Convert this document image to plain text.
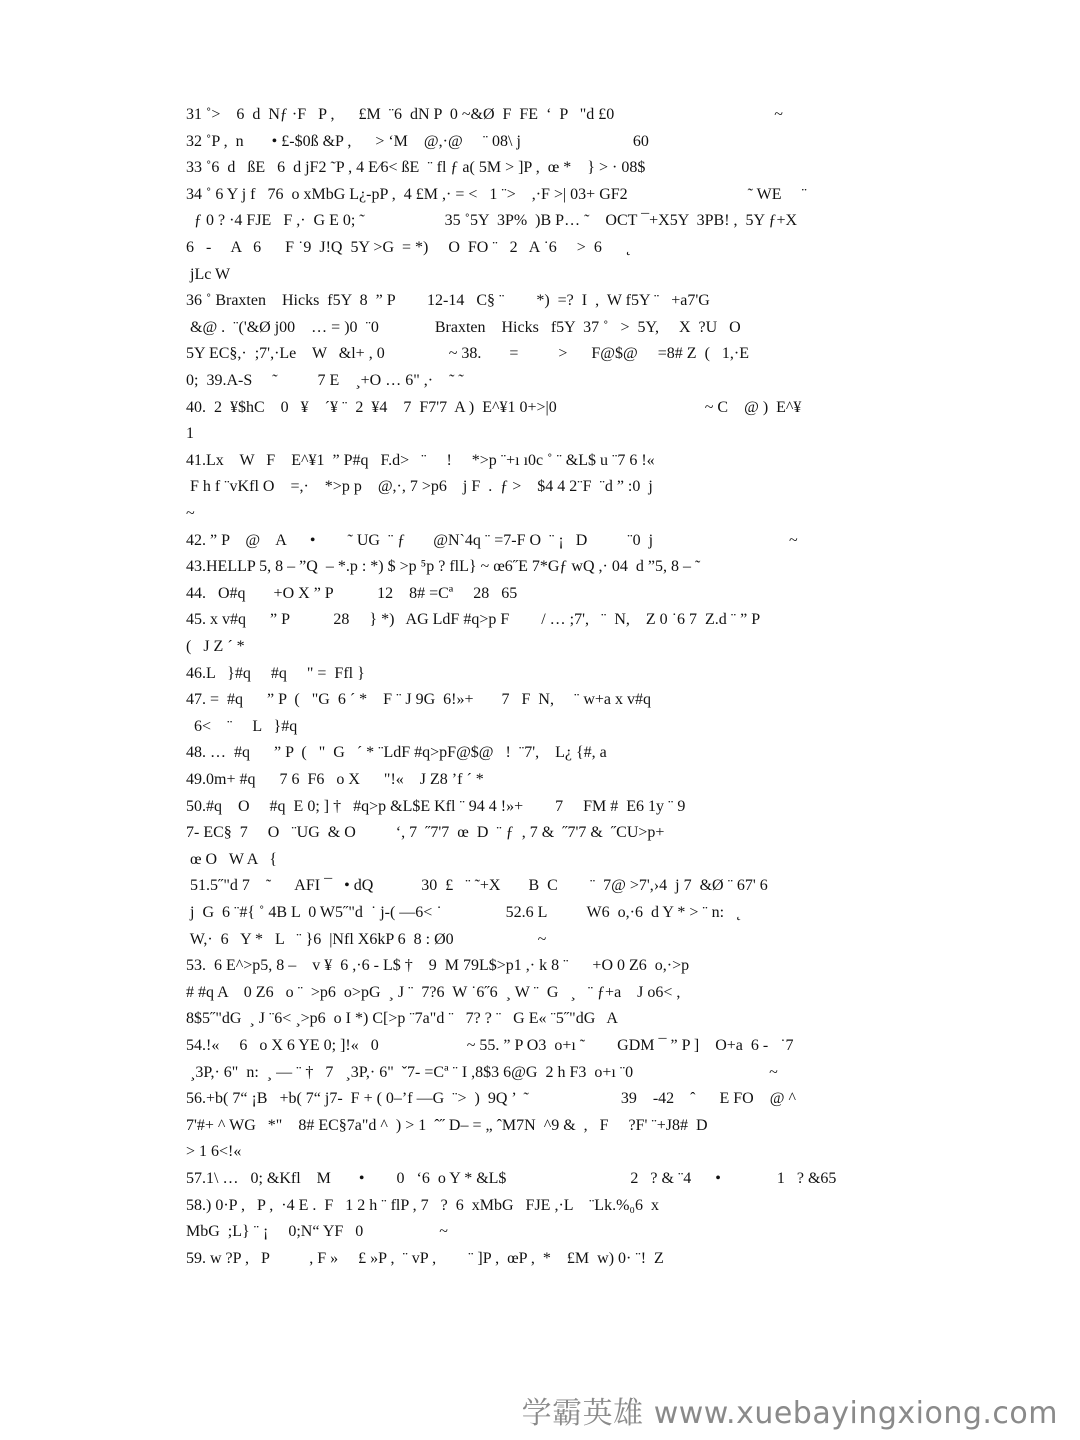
31 ˚>    6  d  Nƒ ·F   P ,      £M  ¨6  dN P  0 ~&Ø  F  FE  ‘  P   "d £0                                        ~
32 ˚P ,  n       • £-$0ß &P ,      > ‘M    @,·@     ¨ 08\ j                            60
33 ˚6  d   ßE   6  d jF2 ˜P , 4 E⁄6< ßE  ¨ fl ƒ a( 5M > ]P ,  œ *    } > · 08$
34 ˚ 6 Y j f   76  o xMbG L¿-pP ,  4 £M ,· = <   1 ¨>    ,·F >| 03+ GF2                              ˜ WE     ¨
ƒ 0 ? ·4 FJE   F ,·  G E 0; ˜                    35 ˚5Y  3P%  )B P… ˜    OCT ¯+X5Y  3PB! ,  5Y ƒ+X
6   -     A   6      F ˙9  J!Q  5Y >G  = *)     O  FO ¨   2   A ˙6     >  6      ˛
jLc W
36 ˚ Braxten    Hicks  f5Y  8  ” P        12-14   C§ ¨        *)  =?  I  ,  W f5Y ¨   +a7'G
&@ .  ¨('&Ø j00    … = )0  ¨0              Braxten    Hicks   f5Y  37 ˚   >  5Y,     X  ?U   O
5Y EC§,·  ;7',·Le    W   &l+ , 0                ~ 38.       =          >      F@$@     =8# Z  (   1,·E
0;  39.A-S     ˜          7 E    ¸+O … 6" ,·    ˜ ˜
40.  2  ¥$hC    0   ¥    ´¥ ¨  2  ¥4    7  F7'7  A )  E^¥1 0+>|0                                     ~ C    @ )  E^¥
1
41.Lx    W   F    E^¥1  ” P#q   F.d>   ¨     !     *>p ¨+ı ı0c ˚ ¨ &L$ u ¨7 6 !«
F h f ¨vKfl O    =,·    *>p p    @,·, 7 >p6    j F  .  ƒ >    $4 4 2¨F  ¨d ” :0  j
~
42. ” P    @    A      •        ˜ UG  ¨ ƒ       @N`4q ¨ =7-F O  ¨ ¡   D          ¨0  j                                  ~
43.HELLP 5, 8 – ”Q  – *.p : *) $ >p ⁵p ? flL} ~ œ6˝E 7*Gƒ wQ ,· 04  d ”5, 8 – ˜
44.   O#q       +O X ” P           12    8# =Cª     28   65
45. x v#q      ” P           28     } *)   AG LdF #q>p F        / … ;7',   ¨  N,    Z 0 ˙6 7  Z.d ¨ ” P
(   J Z ´ *
46.L   }#q     #q     " =  Ffl }
47. =  #q      ” P  (   "G  6 ´ *    F ¨ J 9G  6!»+       7   F  N,     ¨ w+a x v#q
6<    ¨     L   }#q
48. …  #q      ” P  (   "  G   ´ * ¨LdF #q>pF@$@   !  ¨7',    L¿ {#, a
49.0m+ #q      7 6  F6   o X      "!«    J Z8 ’f ´ *
50.#q    O     #q  E 0; ] †   #q>p &L$E Kfl ¨ 94 4 !»+        7     FM #  E6 1y ¨ 9
7- EC§  7     O   ¨UG  & O          ‘, 7  ˝7'7  œ  D  ¨ ƒ  , 7 &  ˝7'7 &  ˝CU>p+
œ O   W A   {
51.5˝"d 7    ˜      AFI ¯   • dQ            30  £   ¨ ˜+X       B  C        ¨  7@ >7',›4  j 7  &Ø ¨ 67' 6
j  G  6 ¨#{ ˚ 4B L  0 W5˝"d  ˙ j-( —6< ˙                52.6 L          W6  o,·6  d Y * > ¨ n:   ˛
W,·  6   Y *   L   ¨ }6  |Nfl X6kP 6  8 : Ø0                     ~
53.  6 E^>p5, 8 –    v ¥  6 ,·6 - L$ †    9  M 79L$>p1 ,· k 8 ¨      +O 0 Z6  o,·>p
# #q A    0 Z6   o ¨  >p6  o>pG  ¸ J ¨  7?6  W ˙6˝6  ¸ W ¨  G   ¸   ¨ ƒ+a    J o6< ,
8$5˝"dG  ¸ J ¨6< ¸>p6  o I *) C[>p ¨7a"d ¨   7? ? ¨   G E« ¨5˝"dG   A
54.!«     6   o X 6 YE 0; ]!«   0                      ~ 55. ” P O3  o+ı ˜        GDM ¯ ” P ]    O+a  6 -   ˙7
¸3P,· 6"  n:  ¸ — ¨ †   7   ¸3P,· 6"  ˇ7- =Cª ¨ I ,8$3 6@G  2 h F3  o+ı ¨0                                  ~
56.+b( 7“ ¡B   +b( 7“ j7-  F + ( 0–’f —G  ¨>  )  9Q ’  ˜                       39    -42    ˆ      E FO    @ ^
7'#+ ^ WG   *"    8# EC§7a"d ^  ) > 1  ˆ˝ D– = „ ˆM7N  ^9 &  ,   F     ?F' ¨+J8#  D
> 1 6<!«
57.1\ …   0; &Kfl    M       •        0   ‘6  o Y * &L$                               2   ? & ¨4      •              1   ? &65
58.) 0·P ,   P ,  ·4 E .  F   1 2 h ¨ flP , 7   ?  6  xMbG   FJE ,·L    ¨Lk.%₀6  x
MbG  ;L} ¨ ¡     0;N“ YF   0                   ~
59. w ?P ,   P          , F »     £ »P ,  ¨ vP ,        ¨ ]P ,  œP ,  *    £M  w) 0· ¨!  Z
学霸英雄 www.xuebayingxiong.com
